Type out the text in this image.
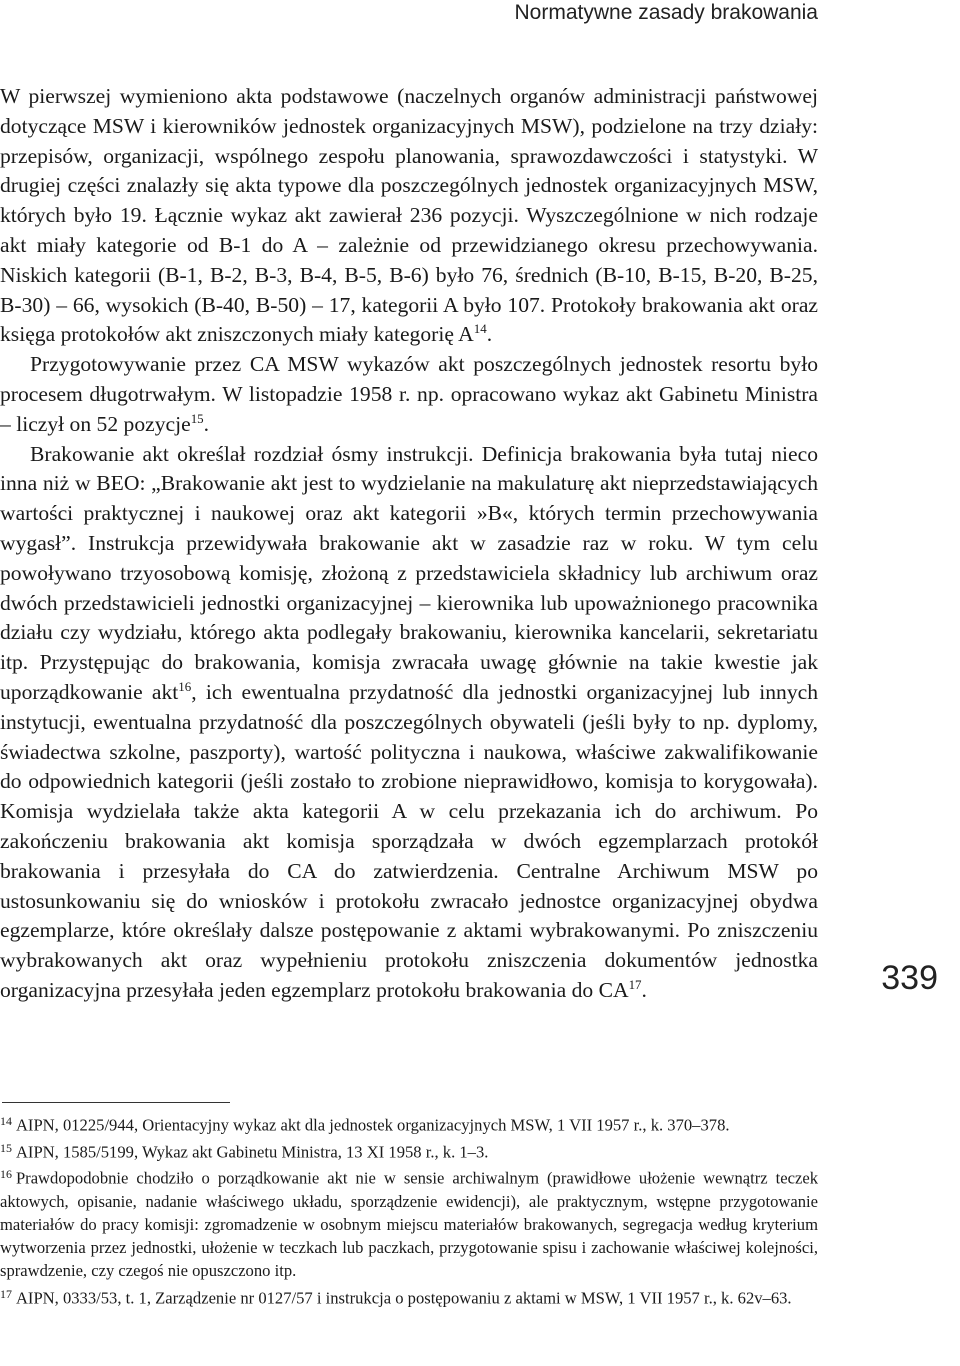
Normatywne zasady brakowania

W pierwszej wymieniono akta podstawowe (naczelnych organów administracji państwowej dotyczące MSW i kierowników jednostek organizacyjnych MSW), podzielone na trzy działy: przepisów, organizacji, wspólnego zespołu planowania, sprawozdawczości i statystyki. W drugiej części znalazły się akta typowe dla poszczególnych jednostek organizacyjnych MSW, których było 19. Łącznie wykaz akt zawierał 236 pozycji. Wyszczególnione w nich rodzaje akt miały kategorie od B-1 do A – zależnie od przewidzianego okresu przechowywania. Niskich kategorii (B-1, B-2, B-3, B-4, B-5, B-6) było 76, średnich (B-10, B-15, B-20, B-25, B-30) – 66, wysokich (B-40, B-50) – 17, kategorii A było 107. Protokoły brakowania akt oraz księga protokołów akt zniszczonych miały kategorię $A^{14}$.

Przygotowywanie przez CA MSW wykazów akt poszczególnych jednostek resortu było procesem długotrwałym. W listopadzie 1958 r. np. opracowano wykaz akt Gabinetu Ministra – liczył on 52 pozycje$^{15}$.

Brakowanie akt określał rozdział ósmy instrukcji. Definicja brakowania była tutaj nieco inna niż w BEO: „Brakowanie akt jest to wydzielanie na makulaturę akt nieprzedstawiających wartości praktycznej i naukowej oraz akt kategorii »B«, których termin przechowywania wygasł”. Instrukcja przewidywała brakowanie akt w zasadzie raz w roku. W tym celu powoływano trzyosobową komisję, złożoną z przedstawiciela składnicy lub archiwum oraz dwóch przedstawicieli jednostki organizacyjnej – kierownika lub upoważnionego pracownika działu czy wydziału, którego akta podlegały brakowaniu, kierownika kancelarii, sekretariatu itp. Przystępując do brakowania, komisja zwracała uwagę głównie na takie kwestie jak uporządkowanie akt$^{16}$, ich ewentualna przydatność dla jednostki organizacyjnej lub innych instytucji, ewentualna przydatność dla poszczególnych obywateli (jeśli były to np. dyplomy, świadectwa szkolne, paszporty), wartość polityczna i naukowa, właściwe zakwalifikowanie do odpowiednich kategorii (jeśli zostało to zrobione nieprawidłowo, komisja to korygowała). Komisja wydzielała także akta kategorii A w celu przekazania ich do archiwum. Po zakończeniu brakowania akt komisja sporządzała w dwóch egzemplarzach protokół brakowania i przesyłała do CA do zatwierdzenia. Centralne Archiwum MSW po ustosunkowaniu się do wniosków i protokołu zwracało jednostce organizacyjnej obydwa egzemplarze, które określały dalsze postępowanie z aktami wybrakowanymi. Po zniszczeniu wybrakowanych akt oraz wypełnieniu protokołu zniszczenia dokumentów jednostka organizacyjna przesyłała jeden egzemplarz protokołu brakowania do CA$^{17}$.	339

$^{14}$ AIPN, 01225/944, Orientacyjny wykaz akt dla jednostek organizacyjnych MSW, 1 VII 1957 r., k. 370–378.

$^{15}$ AIPN, 1585/5199, Wykaz akt Gabinetu Ministra, 13 XI 1958 r., k. 1–3.

$^{16}$ Prawdopodobnie chodziło o porządkowanie akt nie w sensie archiwalnym (prawidłowe ułożenie wewnątrz teczek aktowych, opisanie, nadanie właściwego układu, sporządzenie ewidencji), ale praktycznym, wstępne przygotowanie materiałów do pracy komisji: zgromadzenie w osobnym miejscu materiałów brakowanych, segregacja według kryterium wytworzenia przez jednostki, ułożenie w teczkach lub paczkach, przygotowanie spisu i zachowanie właściwej kolejności, sprawdzenie, czy czegoś nie opuszczono itp.

$^{17}$ AIPN, 0333/53, t. 1, Zarządzenie nr 0127/57 i instrukcja o postępowaniu z aktami w MSW, 1 VII 1957 r., k. 62v–63.
